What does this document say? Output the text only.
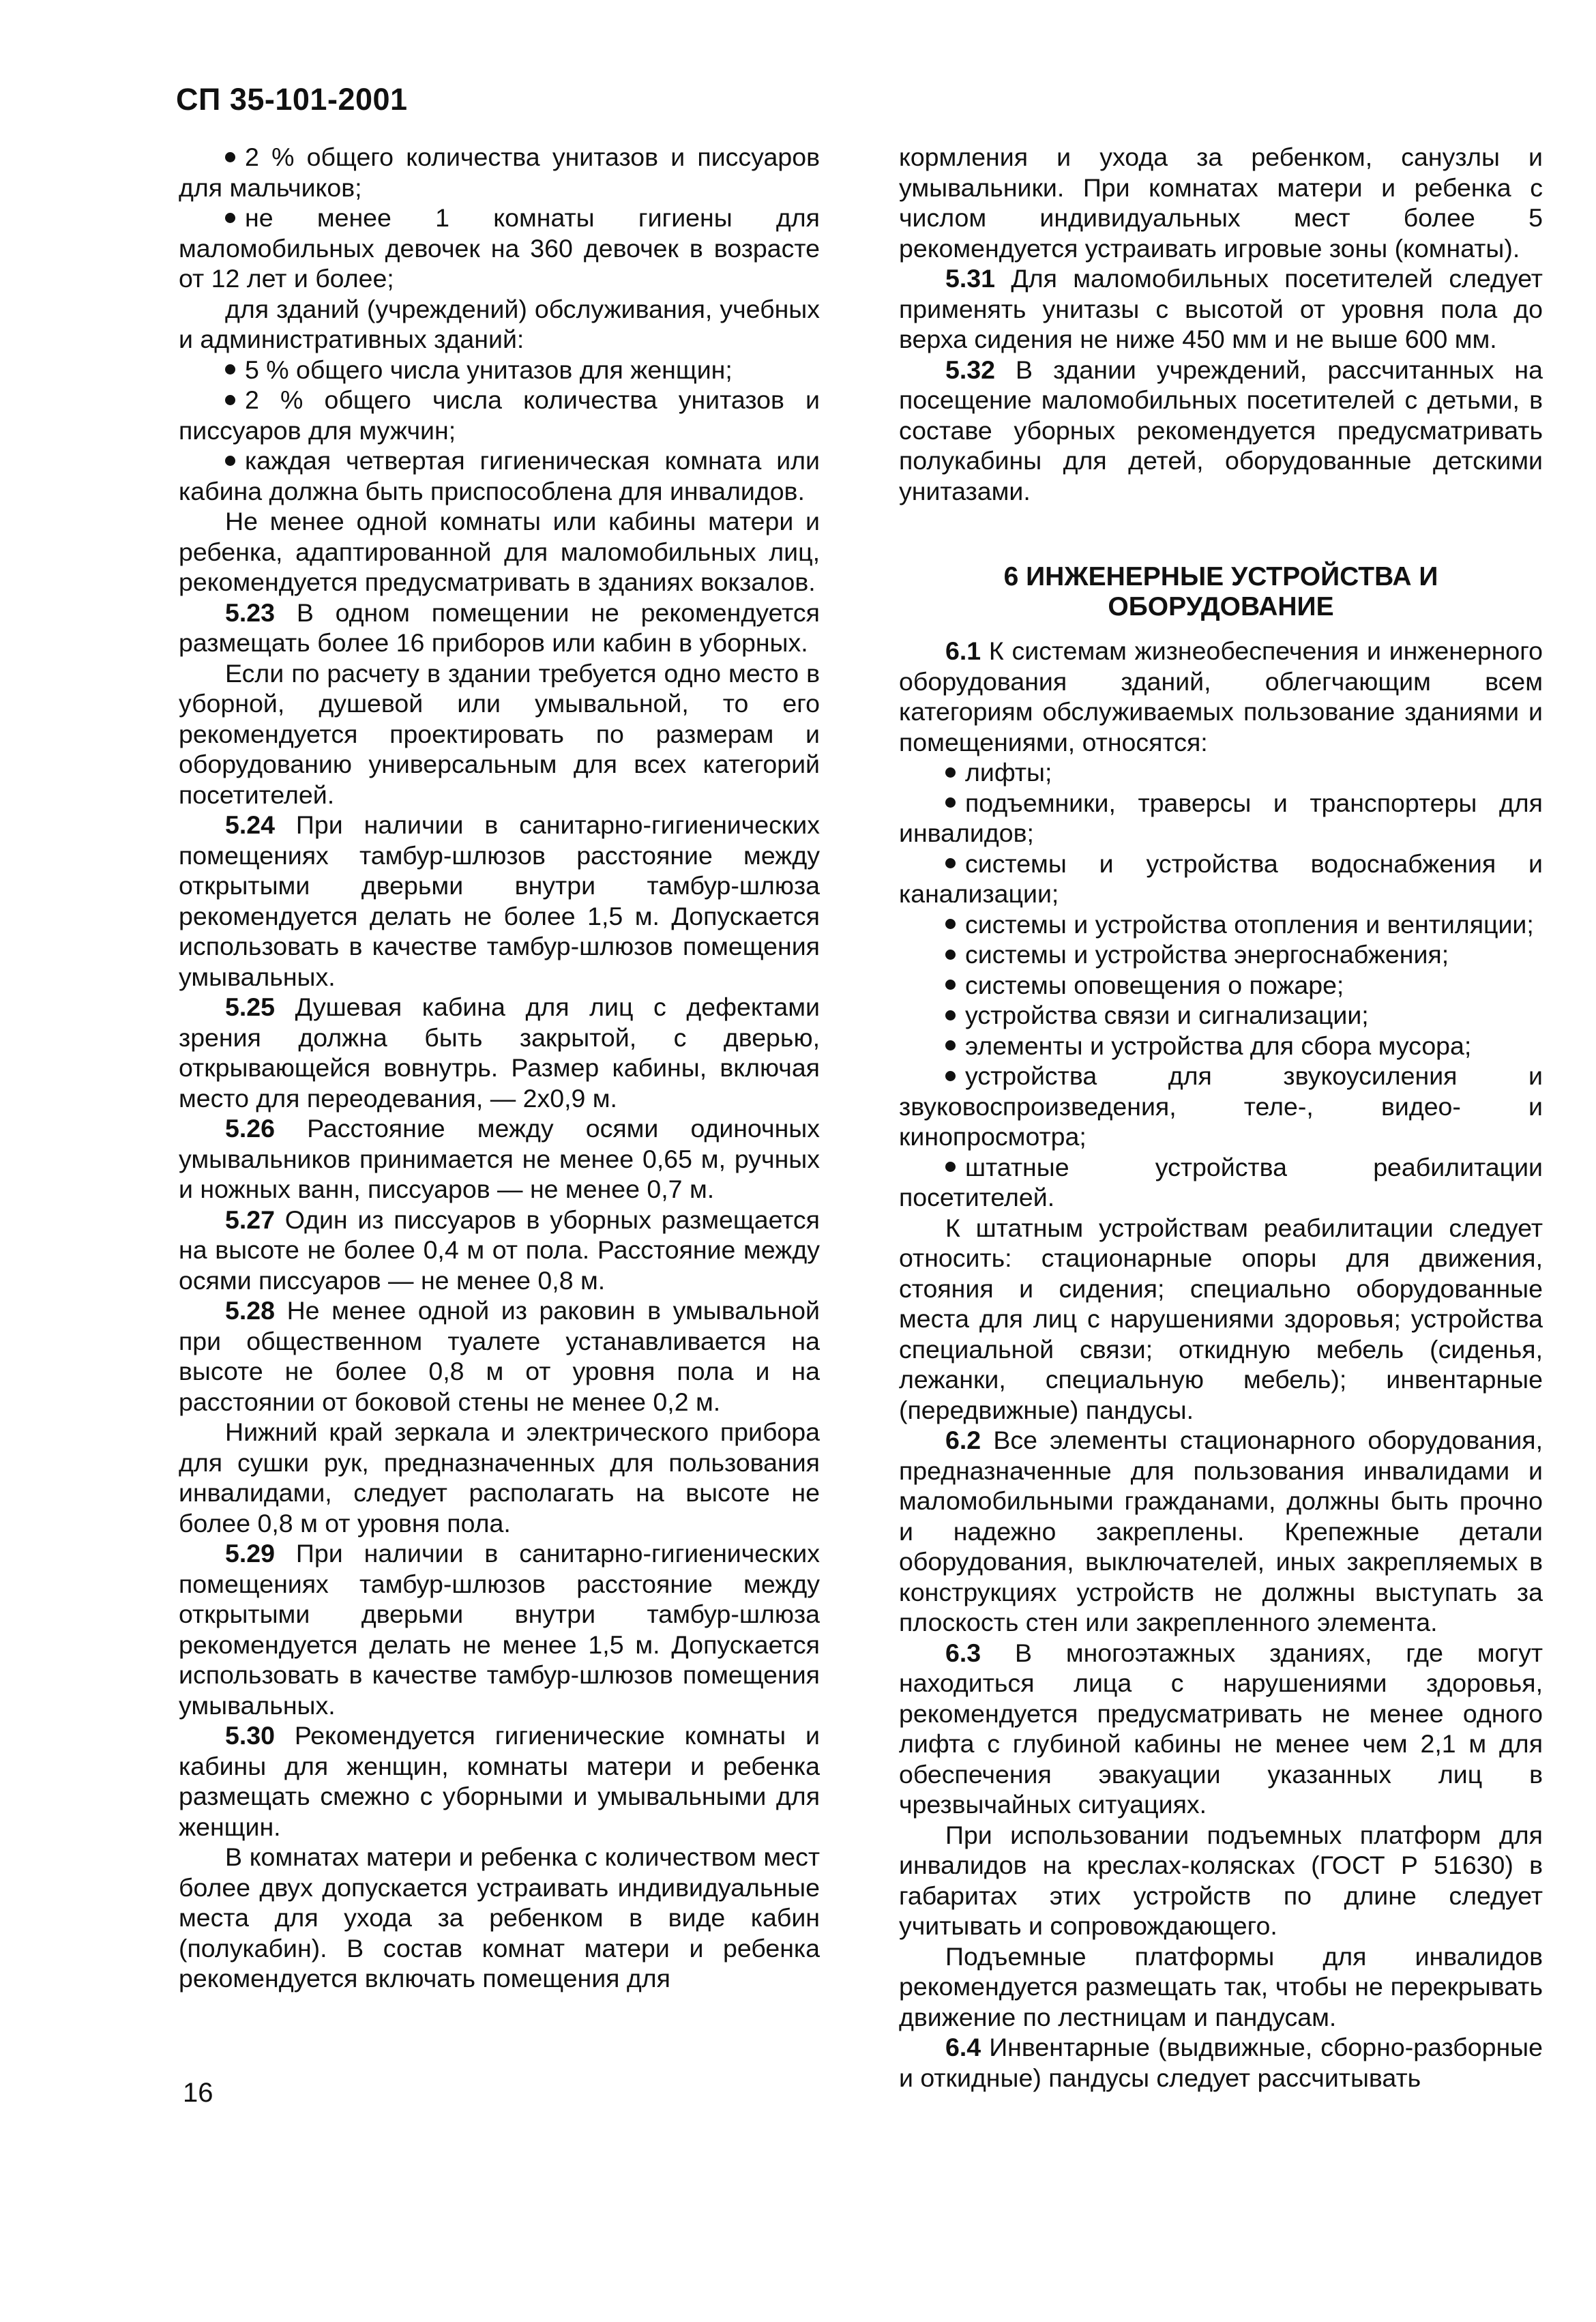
СП 35-101-2001

2 % общего количества унитазов и писсуаров для мальчиков;

не менее 1 комнаты гигиены для маломобильных девочек на 360 девочек в возрасте от 12 лет и более;

для зданий (учреждений) обслуживания, учебных и административных зданий:

5 % общего числа унитазов для женщин;

2 % общего числа количества унитазов и писсуаров для мужчин;

каждая четвертая гигиеническая комната или кабина должна быть приспособлена для инвалидов.

Не менее одной комнаты или кабины матери и ребенка, адаптированной для маломобильных лиц, рекомендуется предусматривать в зданиях вокзалов.

5.23 В одном помещении не рекомендуется размещать более 16 приборов или кабин в уборных.

Если по расчету в здании требуется одно место в уборной, душевой или умывальной, то его рекомендуется проектировать по размерам и оборудованию универсальным для всех категорий посетителей.

5.24 При наличии в санитарно-гигиенических помещениях тамбур-шлюзов расстояние между открытыми дверьми внутри тамбур-шлюза рекомендуется делать не более 1,5 м. Допускается использовать в качестве тамбур-шлюзов помещения умывальных.

5.25 Душевая кабина для лиц с дефектами зрения должна быть закрытой, с дверью, открывающейся вовнутрь. Размер кабины, включая место для переодевания, — 2х0,9 м.

5.26 Расстояние между осями одиночных умывальников принимается не менее 0,65 м, ручных и ножных ванн, писсуаров — не менее 0,7 м.

5.27 Один из писсуаров в уборных размещается на высоте не более 0,4 м от пола. Расстояние между осями писсуаров — не менее 0,8 м.

5.28 Не менее одной из раковин в умывальной при общественном туалете устанавливается на высоте не более 0,8 м от уровня пола и на расстоянии от боковой стены не менее 0,2 м.

Нижний край зеркала и электрического прибора для сушки рук, предназначенных для пользования инвалидами, следует располагать на высоте не более 0,8 м от уровня пола.

5.29 При наличии в санитарно-гигиенических помещениях тамбур-шлюзов расстояние между открытыми дверьми внутри тамбур-шлюза рекомендуется делать не менее 1,5 м. Допускается использовать в качестве тамбур-шлюзов помещения умывальных.

5.30 Рекомендуется гигиенические комнаты и кабины для женщин, комнаты матери и ребенка размещать смежно с уборными и умывальными для женщин.

В комнатах матери и ребенка с количеством мест более двух допускается устраивать индивидуальные места для ухода за ребенком в виде кабин (полукабин). В состав комнат матери и ребенка рекомендуется включать помещения для

кормления и ухода за ребенком, санузлы и умывальники. При комнатах матери и ребенка с числом индивидуальных мест более 5 рекомендуется устраивать игровые зоны (комнаты).

5.31 Для маломобильных посетителей следует применять унитазы с высотой от уровня пола до верха сидения не ниже 450 мм и не выше 600 мм.

5.32 В здании учреждений, рассчитанных на посещение маломобильных посетителей с детьми, в составе уборных рекомендуется предусматривать полукабины для детей, оборудованные детскими унитазами.

6 ИНЖЕНЕРНЫЕ УСТРОЙСТВА И ОБОРУДОВАНИЕ

6.1 К системам жизнеобеспечения и инженерного оборудования зданий, облегчающим всем категориям обслуживаемых пользование зданиями и помещениями, относятся:

лифты;

подъемники, траверсы и транспортеры для инвалидов;

системы и устройства водоснабжения и канализации;

системы и устройства отопления и вентиляции;

системы и устройства энергоснабжения;

системы оповещения о пожаре;

устройства связи и сигнализации;

элементы и устройства для сбора мусора;

устройства для звукоусиления и звуковоспроизведения, теле-, видео- и кинопросмотра;

штатные устройства реабилитации посетителей.

К штатным устройствам реабилитации следует относить: стационарные опоры для движения, стояния и сидения; специально оборудованные места для лиц с нарушениями здоровья; устройства специальной связи; откидную мебель (сиденья, лежанки, специальную мебель); инвентарные (передвижные) пандусы.

6.2 Все элементы стационарного оборудования, предназначенные для пользования инвалидами и маломобильными гражданами, должны быть прочно и надежно закреплены. Крепежные детали оборудования, выключателей, иных закрепляемых в конструкциях устройств не должны выступать за плоскость стен или закрепленного элемента.

6.3 В многоэтажных зданиях, где могут находиться лица с нарушениями здоровья, рекомендуется предусматривать не менее одного лифта с глубиной кабины не менее чем 2,1 м для обеспечения эвакуации указанных лиц в чрезвычайных ситуациях.

При использовании подъемных платформ для инвалидов на креслах-колясках (ГОСТ Р 51630) в габаритах этих устройств по длине следует учитывать и сопровождающего.

Подъемные платформы для инвалидов рекомендуется размещать так, чтобы не перекрывать движение по лестницам и пандусам.

6.4 Инвентарные (выдвижные, сборно-разборные и откидные) пандусы следует рассчитывать

16
